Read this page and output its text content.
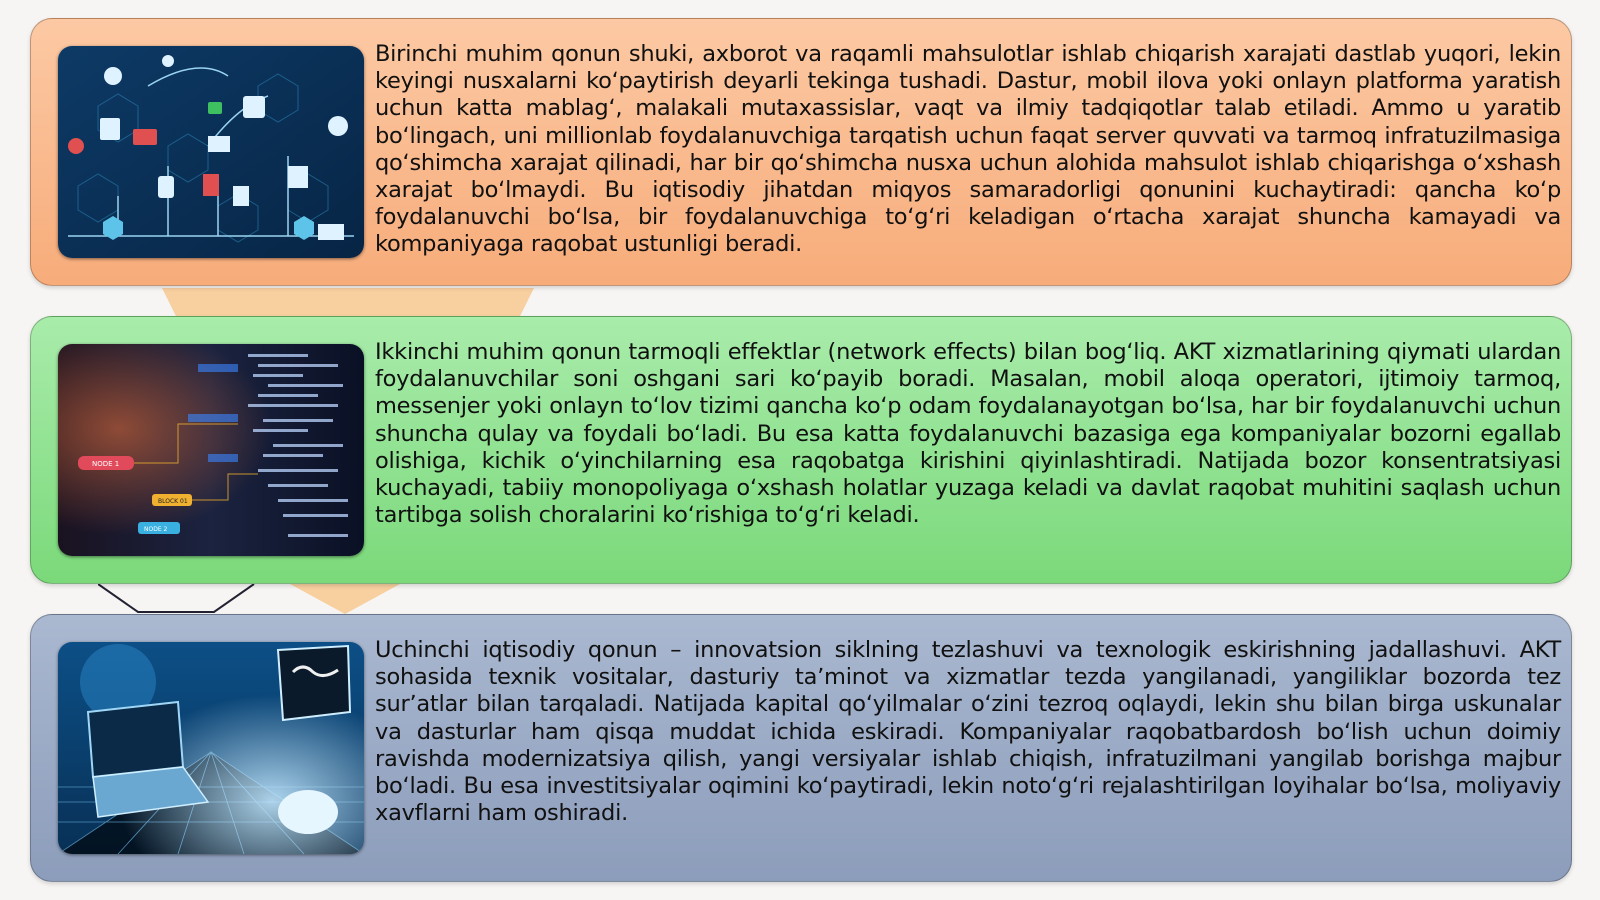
Birinchi muhim qonun shuki, axborot va raqamli mahsulotlar ishlab chiqarish xarajati dastlab yuqori, lekin keyingi nusxalarni koʻpaytirish deyarli tekinga tushadi. Dastur, mobil ilova yoki onlayn platforma yaratish uchun katta mablagʻ, malakali mutaxassislar, vaqt va ilmiy tadqiqotlar talab etiladi. Ammo u yaratib boʻlingach, uni millionlab foydalanuvchiga tarqatish uchun faqat server quvvati va tarmoq infratuzilmasiga qoʻshimcha xarajat qilinadi, har bir qoʻshimcha nusxa uchun alohida mahsulot ishlab chiqarishga oʻxshash xarajat boʻlmaydi. Bu iqtisodiy jihatdan miqyos samaradorligi qonunini kuchaytiradi: qancha koʻp foydalanuvchi boʻlsa, bir foydalanuvchiga toʻgʻri keladigan oʻrtacha xarajat shuncha kamayadi va kompaniyaga raqobat ustunligi beradi.
NODE 1
BLOCK 01
NODE 2
Ikkinchi muhim qonun tarmoqli effektlar (network effects) bilan bogʻliq. AKT xizmatlarining qiymati ulardan foydalanuvchilar soni oshgani sari koʻpayib boradi. Masalan, mobil aloqa operatori, ijtimoiy tarmoq, messenjer yoki onlayn toʻlov tizimi qancha koʻp odam foydalanayotgan boʻlsa, har bir foydalanuvchi uchun shuncha qulay va foydali boʻladi. Bu esa katta foydalanuvchi bazasiga ega kompaniyalar bozorni egallab olishiga, kichik oʻyinchilarning esa raqobatga kirishini qiyinlashtiradi. Natijada bozor konsentratsiyasi kuchayadi, tabiiy monopoliyaga oʻxshash holatlar yuzaga keladi va davlat raqobat muhitini saqlash uchun tartibga solish choralarini koʻrishiga toʻgʻri keladi.
Uchinchi iqtisodiy qonun – innovatsion siklning tezlashuvi va texnologik eskirishning jadallashuvi. AKT sohasida texnik vositalar, dasturiy taʼminot va xizmatlar tezda yangilanadi, yangiliklar bozorda tez surʼatlar bilan tarqaladi. Natijada kapital qoʻyilmalar oʻzini tezroq oqlaydi, lekin shu bilan birga uskunalar va dasturlar ham qisqa muddat ichida eskiradi. Kompaniyalar raqobatbardosh boʻlish uchun doimiy ravishda modernizatsiya qilish, yangi versiyalar ishlab chiqish, infratuzilmani yangilab borishga majbur boʻladi. Bu esa investitsiyalar oqimini koʻpaytiradi, lekin notoʻgʻri rejalashtirilgan loyihalar boʻlsa, moliyaviy xavflarni ham oshiradi.
